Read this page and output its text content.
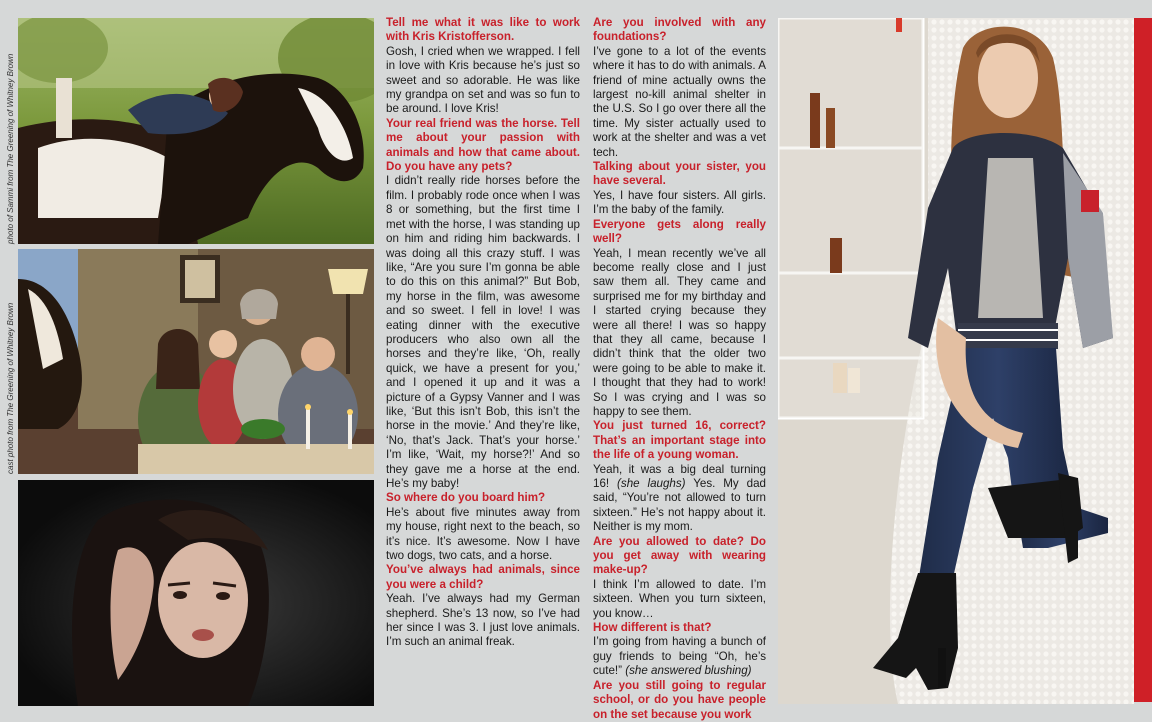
photo of Sammi from The Greening of Whitney Brown
cast photo from The Greening of Whitney Brown

Tell me what it was like to work with Kris Kristofferson.

Gosh, I cried when we wrapped. I fell in love with Kris because he’s just so sweet and so adorable. He was like my grandpa on set and was so fun to be around. I love Kris!

Your real friend was the horse. Tell me about your passion with animals and how that came about. Do you have any pets?

I didn’t really ride horses before the film. I probably rode once when I was 8 or something, but the first time I met with the horse, I was standing up on him and riding him backwards. I was doing all this crazy stuff. I was like, “Are you sure I’m gonna be able to do this on this animal?” But Bob, my horse in the film, was awesome and so sweet. I fell in love! I was eating dinner with the executive producers who also own all the horses and they’re like, ‘Oh, really quick, we have a present for you,’ and I opened it up and it was a picture of a Gypsy Vanner and I was like, ‘But this isn’t Bob, this isn’t the horse in the movie.’ And they’re like, ‘No, that’s Jack. That’s your horse.’ I’m like, ‘Wait, my horse?!’ And so they gave me a horse at the end. He’s my baby!

So where do you board him?

He’s about five minutes away from my house, right next to the beach, so it’s nice. It’s awesome. Now I have two dogs, two cats, and a horse.

You’ve always had animals, since you were a child?

Yeah. I’ve always had my German shepherd. She’s 13 now, so I’ve had her since I was 3. I just love animals. I’m such an animal freak.

Are you involved with any foundations?

I’ve gone to a lot of the events where it has to do with animals. A friend of mine actually owns the largest no-kill animal shelter in the U.S. So I go over there all the time. My sister actually used to work at the shelter and was a vet tech.

Talking about your sister, you have several.

Yes, I have four sisters. All girls. I’m the baby of the family.

Everyone gets along really well?

Yeah, I mean recently we’ve all become really close and I just saw them all. They came and surprised me for my birthday and I started crying because they were all there! I was so happy that they all came, because I didn’t think that the older two were going to be able to make it. I thought that they had to work! So I was crying and I was so happy to see them.

You just turned 16, correct? That’s an important stage into the life of a young woman.

Yeah, it was a big deal turning 16! (she laughs) Yes. My dad said, “You’re not allowed to turn sixteen.” He’s not happy about it. Neither is my mom.

Are you allowed to date? Do you get away with wearing make-up?

I think I’m allowed to date. I’m sixteen. When you turn sixteen, you know…

How different is that?

I’m going from having a bunch of guy friends to being “Oh, he’s cute!” (she answered blushing)

Are you still going to regular school, or do you have people on the set because you work
